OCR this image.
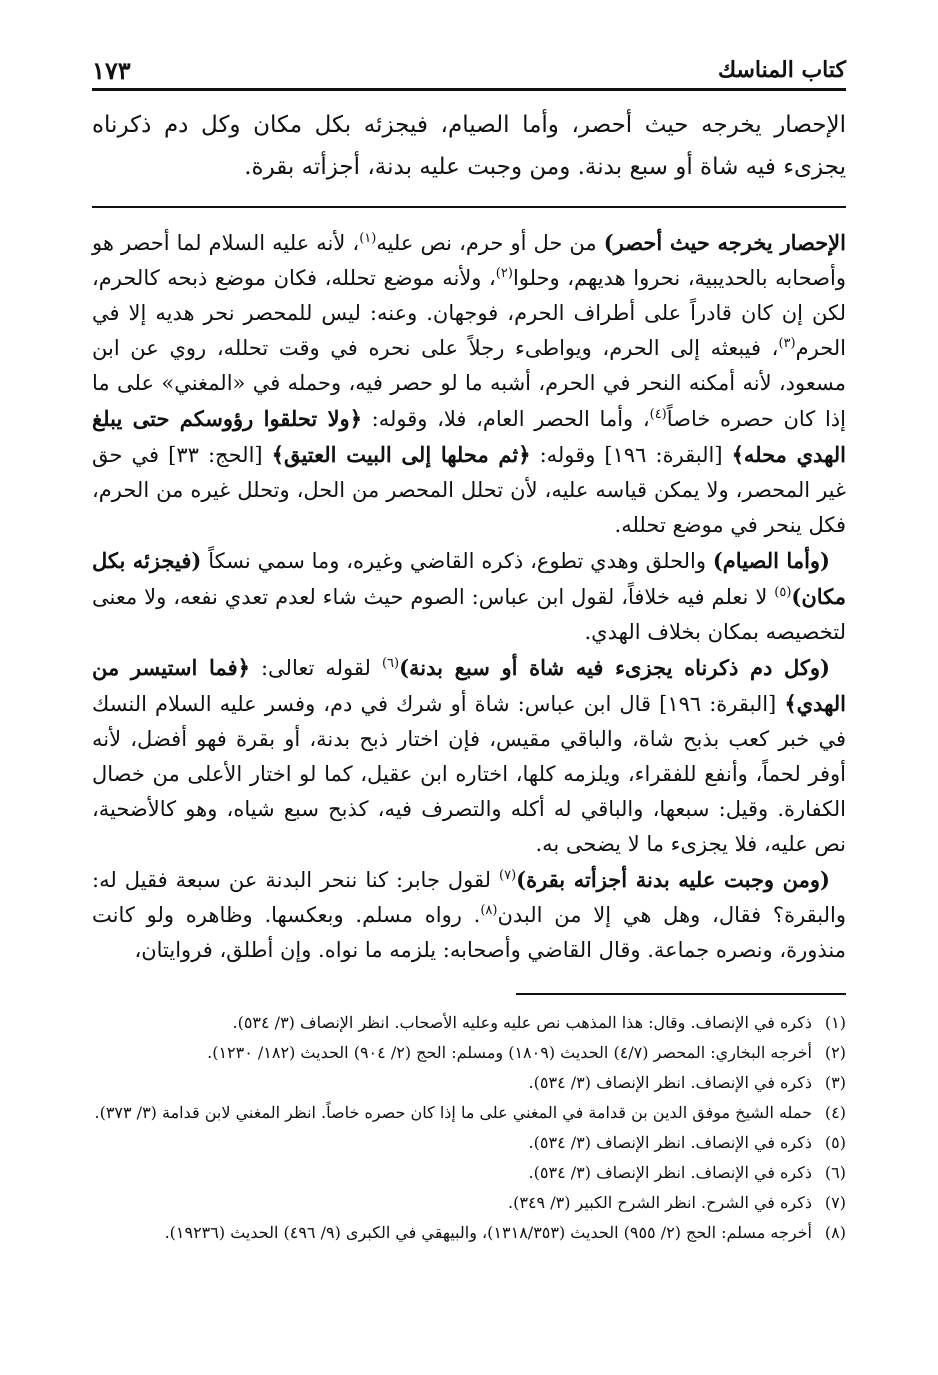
كتاب المناسك
١٧٣
الإحصار يخرجه حيث أحصر، وأما الصيام، فيجزئه بكل مكان وكل دم ذكرناه يجزىء فيه شاة أو سبع بدنة. ومن وجبت عليه بدنة، أجزأته بقرة.

الإحصار يخرجه حيث أحصر) من حل أو حرم، نص عليه$^{(١)}$، لأنه عليه السلام لما أحصر هو وأصحابه بالحديبية، نحروا هديهم، وحلوا$^{(٢)}$، ولأنه موضع تحلله، فكان موضع ذبحه كالحرم، لكن إن كان قادراً على أطراف الحرم، فوجهان. وعنه: ليس للمحصر نحر هديه إلا في الحرم$^{(٣)}$، فيبعثه إلى الحرم، ويواطىء رجلاً على نحره في وقت تحلله، روي عن ابن مسعود، لأنه أمكنه النحر في الحرم، أشبه ما لو حصر فيه، وحمله في «المغني» على ما إذا كان حصره خاصاً$^{(٤)}$، وأما الحصر العام، فلا، وقوله: ﴿ولا تحلقوا رؤوسكم حتى يبلغ الهدي محله﴾ [البقرة: ١٩٦] وقوله: ﴿ثم محلها إلى البيت العتيق﴾ [الحج: ٣٣] في حق غير المحصر، ولا يمكن قياسه عليه، لأن تحلل المحصر من الحل، وتحلل غيره من الحرم، فكل ينحر في موضع تحلله.

(وأما الصيام) والحلق وهدي تطوع، ذكره القاضي وغيره، وما سمي نسكاً (فيجزئه بكل مكان)$^{(٥)}$ لا نعلم فيه خلافاً، لقول ابن عباس: الصوم حيث شاء لعدم تعدي نفعه، ولا معنى لتخصيصه بمكان بخلاف الهدي.

(وكل دم ذكرناه يجزىء فيه شاة أو سبع بدنة)$^{(٦)}$ لقوله تعالى: ﴿فما استيسر من الهدي﴾ [البقرة: ١٩٦] قال ابن عباس: شاة أو شرك في دم، وفسر عليه السلام النسك في خبر كعب بذبح شاة، والباقي مقيس، فإن اختار ذبح بدنة، أو بقرة فهو أفضل، لأنه أوفر لحماً، وأنفع للفقراء، ويلزمه كلها، اختاره ابن عقيل، كما لو اختار الأعلى من خصال الكفارة. وقيل: سبعها، والباقي له أكله والتصرف فيه، كذبح سبع شياه، وهو كالأضحية، نص عليه، فلا يجزىء ما لا يضحى به.

(ومن وجبت عليه بدنة أجزأته بقرة)$^{(٧)}$ لقول جابر: كنا ننحر البدنة عن سبعة فقيل له: والبقرة؟ فقال، وهل هي إلا من البدن$^{(٨)}$. رواه مسلم. وبعكسها. وظاهره ولو كانت منذورة، ونصره جماعة. وقال القاضي وأصحابه: يلزمه ما نواه. وإن أطلق، فروايتان،

(١)
ذكره في الإنصاف. وقال: هذا المذهب نص عليه وعليه الأصحاب. انظر الإنصاف (٣/ ٥٣٤).
(٢)
أخرجه البخاري: المحصر (٤/٧) الحديث (١٨٠٩) ومسلم: الحج (٢/ ٩٠٤) الحديث (١٨٢/ ١٢٣٠).
(٣)
ذكره في الإنصاف. انظر الإنصاف (٣/ ٥٣٤).
(٤)
حمله الشيخ موفق الدين بن قدامة في المغني على ما إذا كان حصره خاصاً. انظر المغني لابن قدامة (٣/ ٣٧٣).
(٥)
ذكره في الإنصاف. انظر الإنصاف (٣/ ٥٣٤).
(٦)
ذكره في الإنصاف. انظر الإنصاف (٣/ ٥٣٤).
(٧)
ذكره في الشرح. انظر الشرح الكبير (٣/ ٣٤٩).
(٨)
أخرجه مسلم: الحج (٢/ ٩٥٥) الحديث (١٣١٨/٣٥٣)، والبيهقي في الكبرى (٩/ ٤٩٦) الحديث (١٩٢٣٦).
